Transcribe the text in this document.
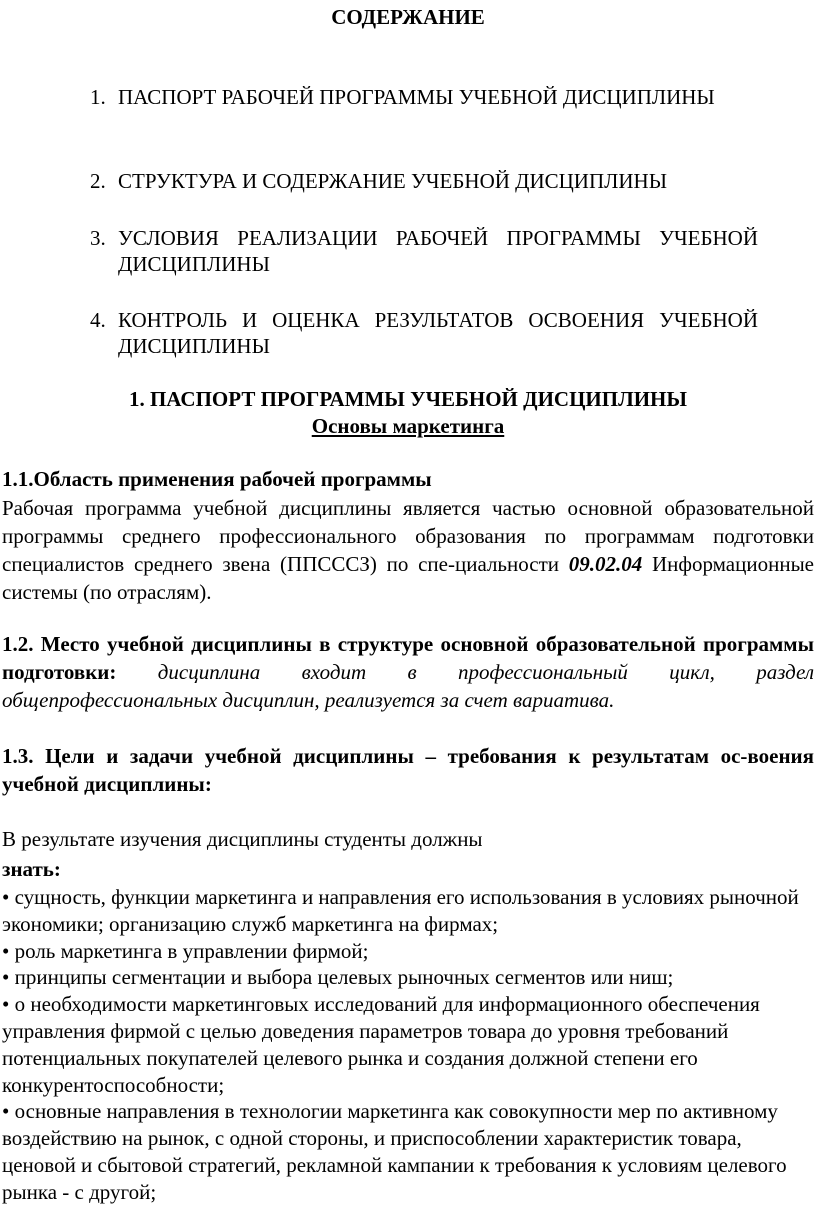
СОДЕРЖАНИЕ
1. ПАСПОРТ РАБОЧЕЙ ПРОГРАММЫ УЧЕБНОЙ ДИСЦИПЛИНЫ
2. СТРУКТУРА И СОДЕРЖАНИЕ УЧЕБНОЙ ДИСЦИПЛИНЫ
3. УСЛОВИЯ РЕАЛИЗАЦИИ РАБОЧЕЙ ПРОГРАММЫ УЧЕБНОЙ ДИСЦИПЛИНЫ
4. КОНТРОЛЬ И ОЦЕНКА РЕЗУЛЬТАТОВ ОСВОЕНИЯ УЧЕБНОЙ ДИСЦИПЛИНЫ
1. ПАСПОРТ ПРОГРАММЫ УЧЕБНОЙ ДИСЦИПЛИНЫ
Основы маркетинга
1.1.Область применения рабочей программы
Рабочая программа учебной дисциплины является частью основной образовательной программы среднего профессионального образования по программам подготовки специалистов среднего звена (ППСССЗ) по спе-циальности 09.02.04 Информационные системы (по отраслям).
1.2. Место учебной дисциплины в структуре основной образовательной программы подготовки: дисциплина входит в профессиональный цикл, раздел общепрофессиональных дисциплин, реализуется за счет вариатива.
1.3. Цели и задачи учебной дисциплины – требования к результатам ос-воения учебной дисциплины:
В результате изучения дисциплины студенты должны
знать:
• сущность, функции маркетинга и направления его использования в условиях рыночной экономики; организацию служб маркетинга на фирмах;
• роль маркетинга в управлении фирмой;
• принципы сегментации и выбора целевых рыночных сегментов или ниш;
• о необходимости маркетинговых исследований для информационного обеспечения управления фирмой с целью доведения параметров товара до уровня требований потенциальных покупателей целевого рынка и создания должной степени его конкурентоспособности;
• основные направления в технологии маркетинга как совокупности мер по активному воздействию на рынок, с одной стороны, и приспособлении характеристик товара, ценовой и сбытовой стратегий, рекламной кампании к требования к условиям целевого рынка - с другой;
